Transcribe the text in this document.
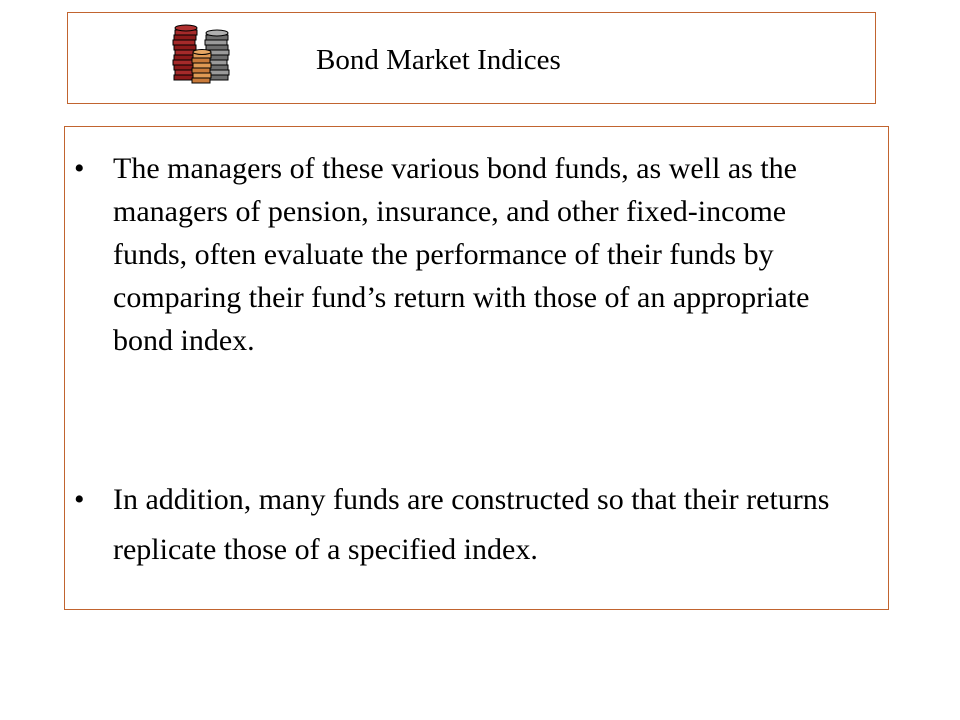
Bond Market Indices
• The managers of these various bond funds, as well as the managers of pension, insurance, and other fixed-income funds, often evaluate the performance of their funds by comparing their fund’s return with those of an appropriate bond index.
• In addition, many funds are constructed so that their returns replicate those of a specified index.
